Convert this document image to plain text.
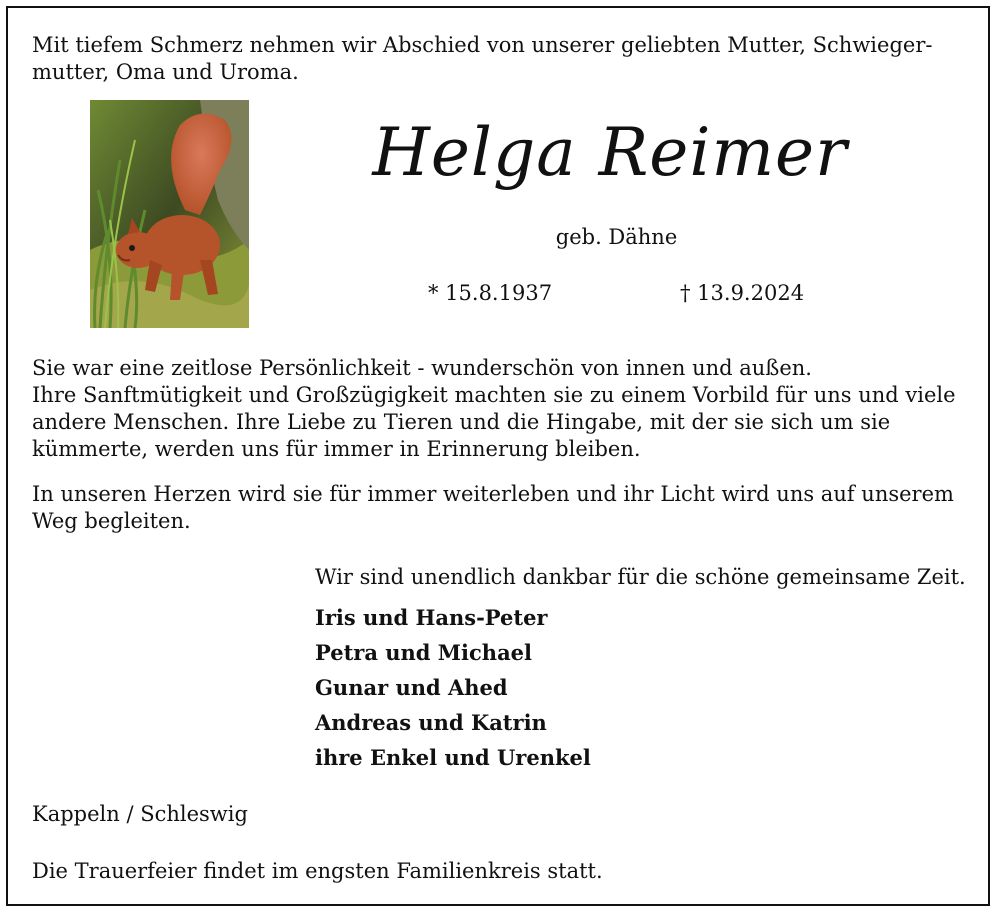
Mit tiefem Schmerz nehmen wir Abschied von unserer geliebten Mutter, Schwieger-
mutter, Oma und Uroma.
Helga Reimer
geb. Dähne
* 15.8.1937	† 13.9.2024
Sie war eine zeitlose Persönlichkeit - wunderschön von innen und außen.
Ihre Sanftmütigkeit und Großzügigkeit machten sie zu einem Vorbild für uns und viele
andere Menschen. Ihre Liebe zu Tieren und die Hingabe, mit der sie sich um sie
kümmerte, werden uns für immer in Erinnerung bleiben.
In unseren Herzen wird sie für immer weiterleben und ihr Licht wird uns auf unserem
Weg begleiten.
Wir sind unendlich dankbar für die schöne gemeinsame Zeit.
Iris und Hans-Peter
Petra und Michael
Gunar und Ahed
Andreas und Katrin
ihre Enkel und Urenkel
Kappeln / Schleswig
Die Trauerfeier findet im engsten Familienkreis statt.
